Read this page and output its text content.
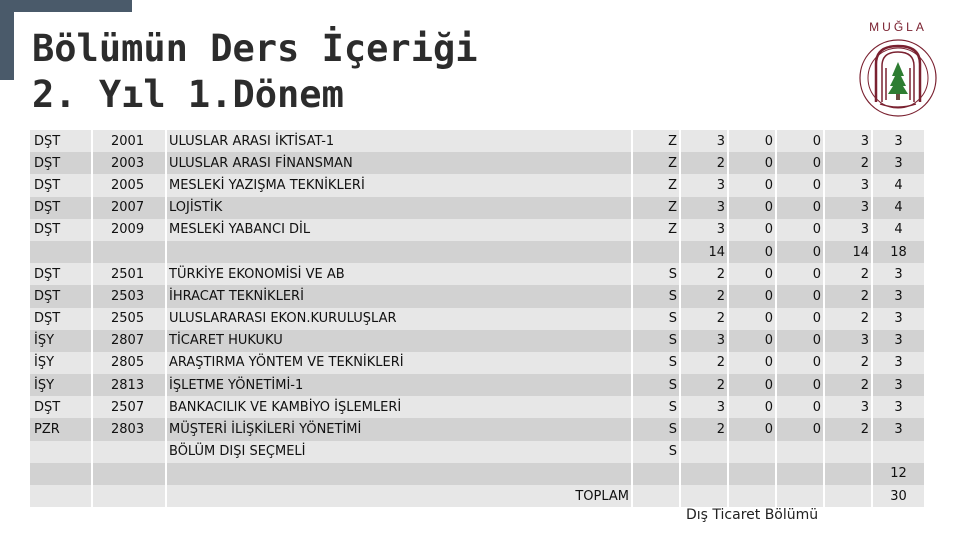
Bölümün Ders İçeriği
2. Yıl 1.Dönem
MUĞLA
DŞT	2001	ULUSLAR ARASI İKTİSAT-1	Z	3	0	0	3	3
DŞT	2003	ULUSLAR ARASI FİNANSMAN	Z	2	0	0	2	3
DŞT	2005	MESLEKİ YAZIŞMA TEKNİKLERİ	Z	3	0	0	3	4
DŞT	2007	LOJİSTİK	Z	3	0	0	3	4
DŞT	2009	MESLEKİ YABANCI DİL	Z	3	0	0	3	4
				14	0	0	14	18
DŞT	2501	TÜRKİYE EKONOMİSİ VE AB	S	2	0	0	2	3
DŞT	2503	İHRACAT TEKNİKLERİ	S	2	0	0	2	3
DŞT	2505	ULUSLARARASI EKON.KURULUŞLAR	S	2	0	0	2	3
İŞY	2807	TİCARET HUKUKU	S	3	0	0	3	3
İŞY	2805	ARAŞTIRMA YÖNTEM VE TEKNİKLERİ	S	2	0	0	2	3
İŞY	2813	İŞLETME YÖNETİMİ-1	S	2	0	0	2	3
DŞT	2507	BANKACILIK VE KAMBİYO İŞLEMLERİ	S	3	0	0	3	3
PZR	2803	MÜŞTERİ İLİŞKİLERİ YÖNETİMİ	S	2	0	0	2	3
		BÖLÜM DIŞI SEÇMELİ	S					
								12
		TOPLAM						30
Dış Ticaret Bölümü
